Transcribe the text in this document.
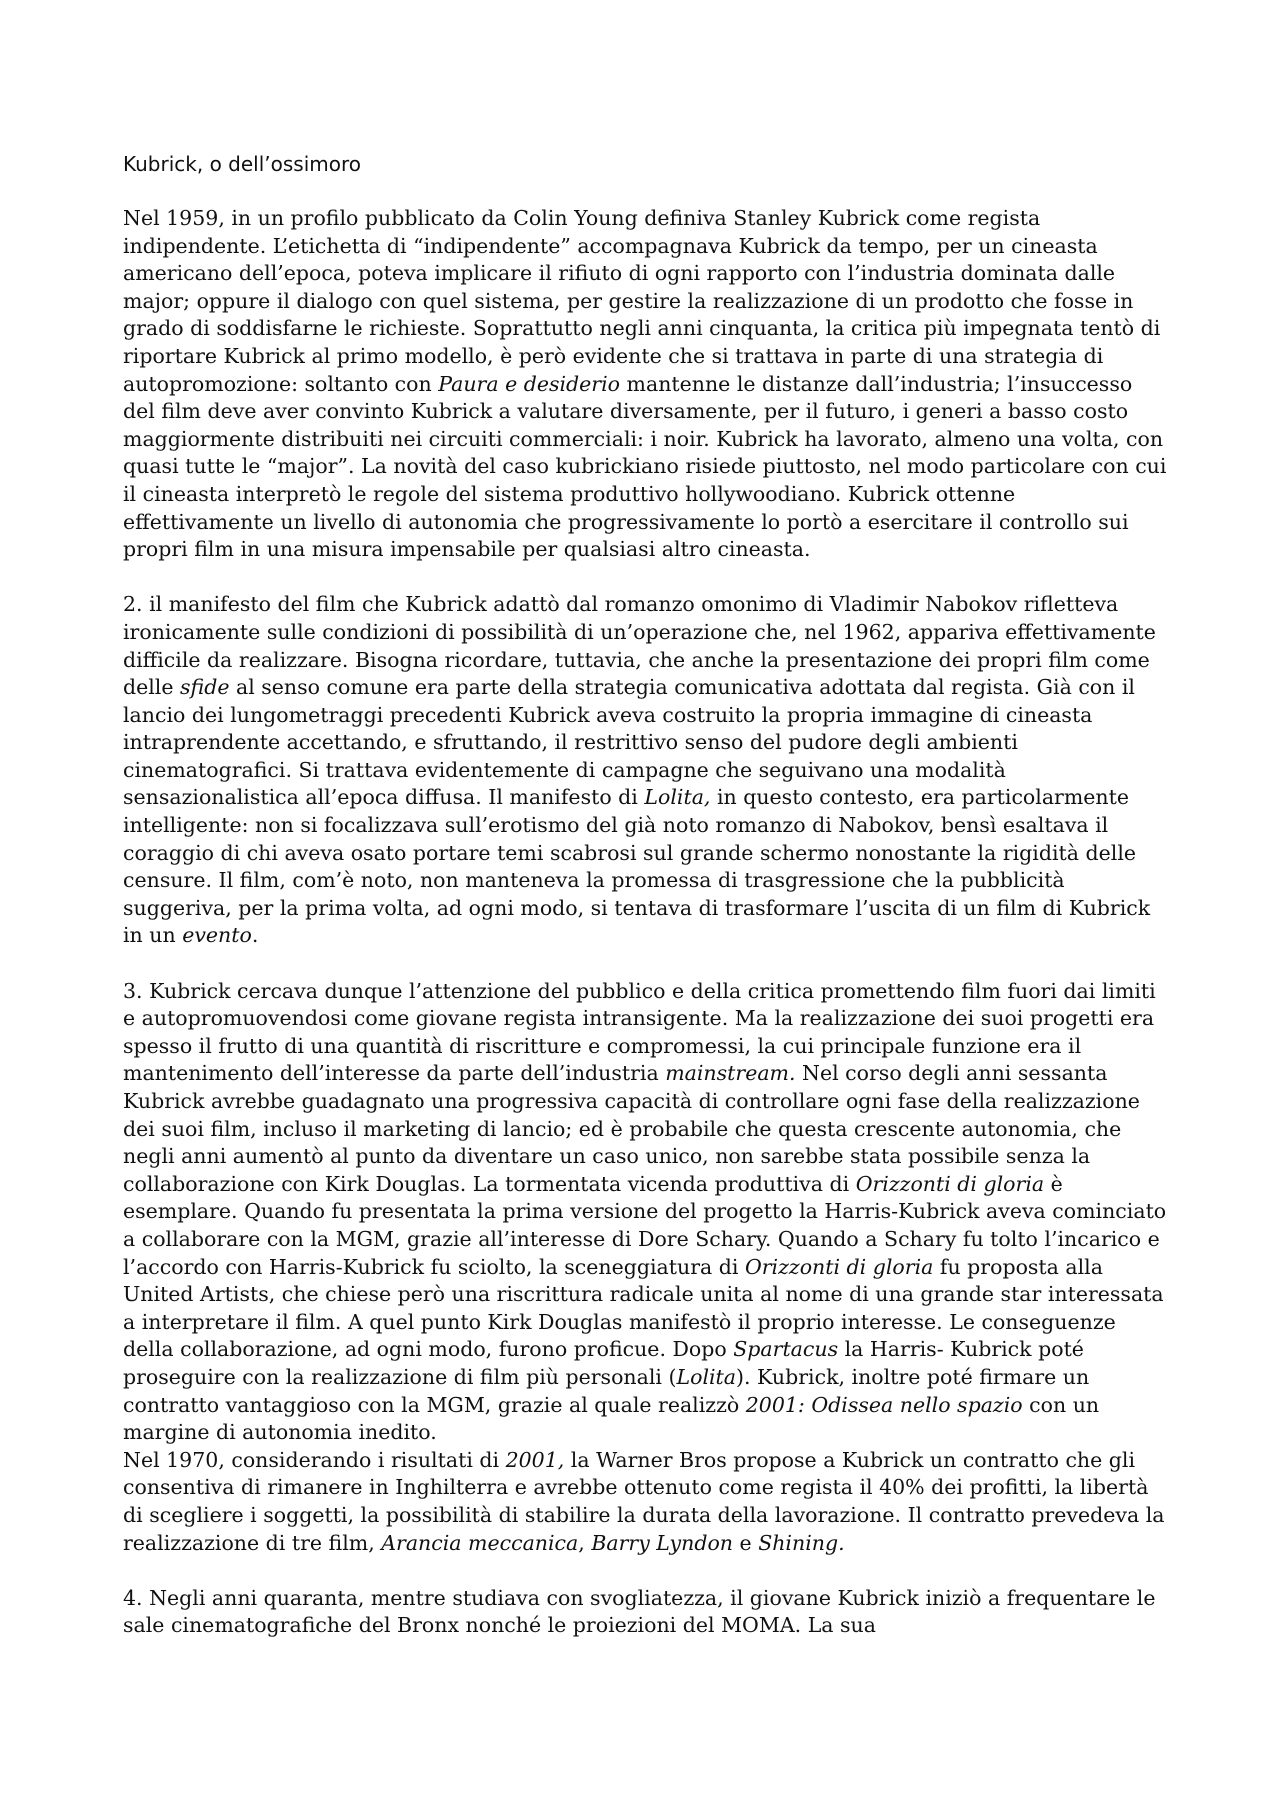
Kubrick, o dell’ossimoro
Nel 1959, in un profilo pubblicato da Colin Young definiva Stanley Kubrick come regista indipendente. L’etichetta di “indipendente” accompagnava Kubrick da tempo, per un cineasta americano dell’epoca, poteva implicare il rifiuto di ogni rapporto con l’industria dominata dalle major; oppure il dialogo con quel sistema, per gestire la realizzazione di un prodotto che fosse in grado di soddisfarne le richieste. Soprattutto negli anni cinquanta, la critica più impegnata tentò di riportare Kubrick al primo modello, è però evidente che si trattava in parte di una strategia di autopromozione: soltanto con Paura e desiderio mantenne le distanze dall’industria; l’insuccesso del film deve aver convinto Kubrick a valutare diversamente, per il futuro, i generi a basso costo maggiormente distribuiti nei circuiti commerciali: i noir. Kubrick ha lavorato, almeno una volta, con quasi tutte le “major”. La novità del caso kubrickiano risiede piuttosto, nel modo particolare con cui il cineasta interpretò le regole del sistema produttivo hollywoodiano. Kubrick ottenne effettivamente un livello di autonomia che progressivamente lo portò a esercitare il controllo sui propri film in una misura impensabile per qualsiasi altro cineasta.
2. il manifesto del film che Kubrick adattò dal romanzo omonimo di Vladimir Nabokov rifletteva ironicamente sulle condizioni di possibilità di un’operazione che, nel 1962, appariva effettivamente difficile da realizzare. Bisogna ricordare, tuttavia, che anche la presentazione dei propri film come delle sfide al senso comune era parte della strategia comunicativa adottata dal regista. Già con il lancio dei lungometraggi precedenti Kubrick aveva costruito la propria immagine di cineasta intraprendente accettando, e sfruttando, il restrittivo senso del pudore degli ambienti cinematografici. Si trattava evidentemente di campagne che seguivano una modalità sensazionalistica all’epoca diffusa. Il manifesto di Lolita, in questo contesto, era particolarmente intelligente: non si focalizzava sull’erotismo del già noto romanzo di Nabokov, bensì esaltava il coraggio di chi aveva osato portare temi scabrosi sul grande schermo nonostante la rigidità delle censure. Il film, com’è noto, non manteneva la promessa di trasgressione che la pubblicità suggeriva, per la prima volta, ad ogni modo, si tentava di trasformare l’uscita di un film di Kubrick in un evento.
3. Kubrick cercava dunque l’attenzione del pubblico e della critica promettendo film fuori dai limiti e autopromuovendosi come giovane regista intransigente. Ma la realizzazione dei suoi progetti era spesso il frutto di una quantità di riscritture e compromessi, la cui principale funzione era il mantenimento dell’interesse da parte dell’industria mainstream. Nel corso degli anni sessanta Kubrick avrebbe guadagnato una progressiva capacità di controllare ogni fase della realizzazione dei suoi film, incluso il marketing di lancio; ed è probabile che questa crescente autonomia, che negli anni aumentò al punto da diventare un caso unico, non sarebbe stata possibile senza la collaborazione con Kirk Douglas. La tormentata vicenda produttiva di Orizzonti di gloria è esemplare. Quando fu presentata la prima versione del progetto la Harris-Kubrick aveva cominciato a collaborare con la MGM, grazie all’interesse di Dore Schary. Quando a Schary fu tolto l’incarico e l’accordo con Harris-Kubrick fu sciolto, la sceneggiatura di Orizzonti di gloria fu proposta alla United Artists, che chiese però una riscrittura radicale unita al nome di una grande star interessata a interpretare il film. A quel punto Kirk Douglas manifestò il proprio interesse. Le conseguenze della collaborazione, ad ogni modo, furono proficue. Dopo Spartacus la Harris- Kubrick poté proseguire con la realizzazione di film più personali (Lolita). Kubrick, inoltre poté firmare un contratto vantaggioso con la MGM, grazie al quale realizzò 2001: Odissea nello spazio con un margine di autonomia inedito.
Nel 1970, considerando i risultati di 2001, la Warner Bros propose a Kubrick un contratto che gli consentiva di rimanere in Inghilterra e avrebbe ottenuto come regista il 40% dei profitti, la libertà di scegliere i soggetti, la possibilità di stabilire la durata della lavorazione. Il contratto prevedeva la realizzazione di tre film, Arancia meccanica, Barry Lyndon e Shining.
4. Negli anni quaranta, mentre studiava con svogliatezza, il giovane Kubrick iniziò a frequentare le sale cinematografiche del Bronx nonché le proiezioni del MOMA. La sua
